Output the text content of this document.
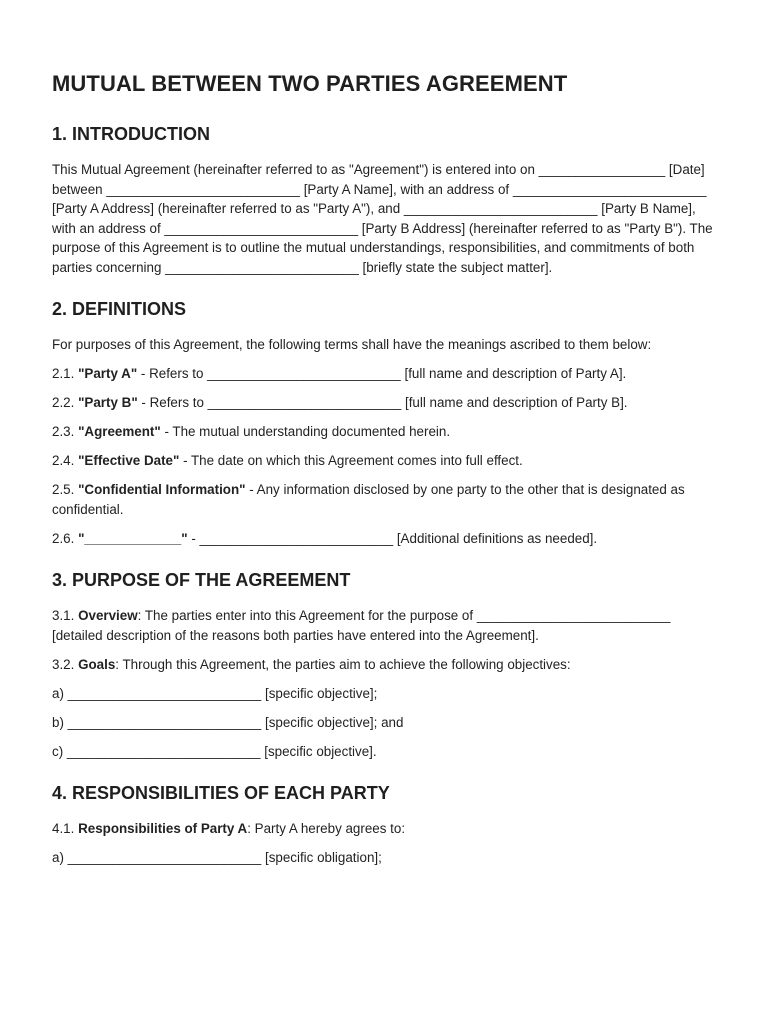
MUTUAL BETWEEN TWO PARTIES AGREEMENT
1. INTRODUCTION

This Mutual Agreement (hereinafter referred to as "Agreement") is entered into on _________________ [Date] between __________________________ [Party A Name], with an address of __________________________ [Party A Address] (hereinafter referred to as "Party A"), and __________________________ [Party B Name], with an address of __________________________ [Party B Address] (hereinafter referred to as "Party B"). The purpose of this Agreement is to outline the mutual understandings, responsibilities, and commitments of both parties concerning __________________________ [briefly state the subject matter].

2. DEFINITIONS

For purposes of this Agreement, the following terms shall have the meanings ascribed to them below:

2.1. "Party A" - Refers to __________________________ [full name and description of Party A].

2.2. "Party B" - Refers to __________________________ [full name and description of Party B].

2.3. "Agreement" - The mutual understanding documented herein.

2.4. "Effective Date" - The date on which this Agreement comes into full effect.

2.5. "Confidential Information" - Any information disclosed by one party to the other that is designated as confidential.

2.6. "_____________" - __________________________ [Additional definitions as needed].

3. PURPOSE OF THE AGREEMENT

3.1. Overview: The parties enter into this Agreement for the purpose of __________________________ [detailed description of the reasons both parties have entered into the Agreement].

3.2. Goals: Through this Agreement, the parties aim to achieve the following objectives:

a) __________________________ [specific objective];

b) __________________________ [specific objective]; and

c) __________________________ [specific objective].

4. RESPONSIBILITIES OF EACH PARTY

4.1. Responsibilities of Party A: Party A hereby agrees to:

a) __________________________ [specific obligation];
